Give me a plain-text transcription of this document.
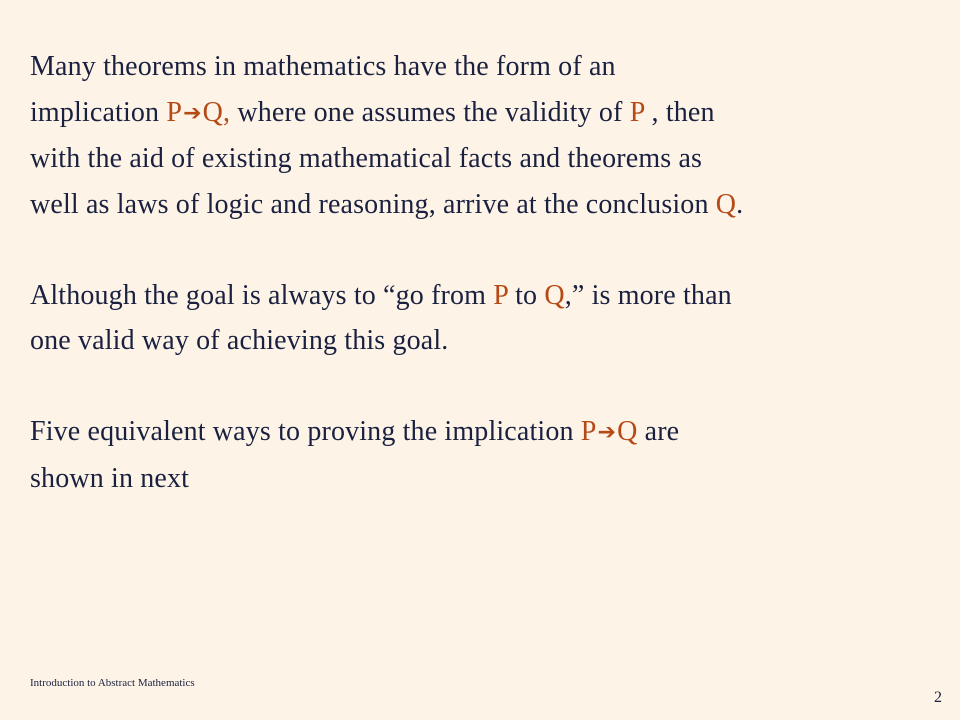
Many theorems in mathematics have the form of an
implication P➔Q, where one assumes the validity of P , then
with the aid of existing mathematical facts and theorems as
well as laws of logic and reasoning, arrive at the conclusion Q.
Although the goal is always to “go from P to Q,” is more than
one valid way of achieving this goal.
Five equivalent ways to proving the implication P➔Q are
shown in next
Introduction to Abstract Mathematics
2
